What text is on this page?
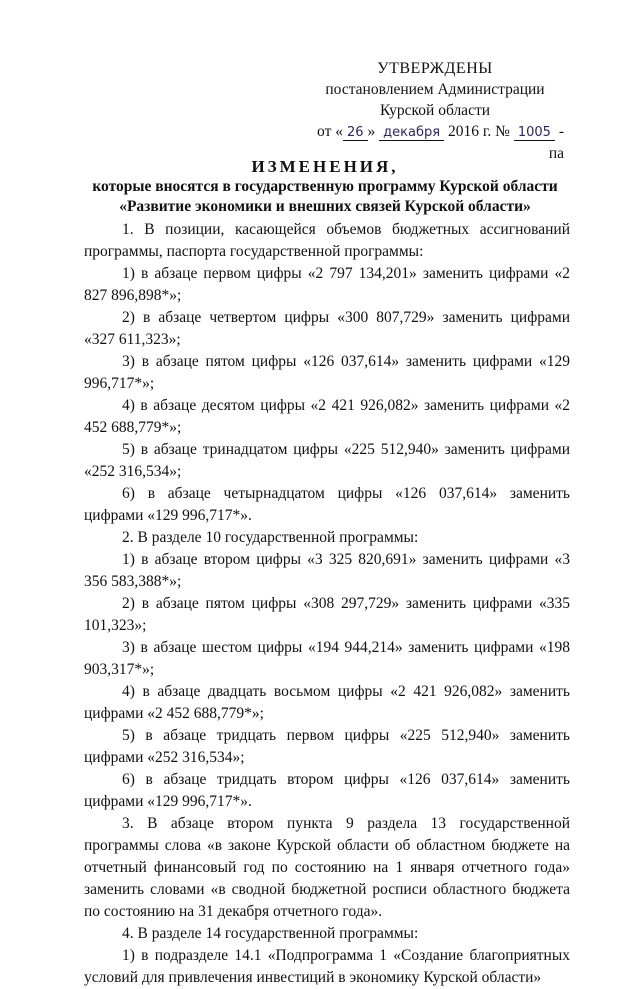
УТВЕРЖДЕНЫ
постановлением Администрации
Курской области
от « 26 » декабря 2016 г. № 1005 - па
ИЗМЕНЕНИЯ,
которые вносятся в государственную программу Курской области
«Развитие экономики и внешних связей Курской области»

1. В позиции, касающейся объемов бюджетных ассигнований программы, паспорта государственной программы:

1) в абзаце первом цифры «2 797 134,201» заменить цифрами «2 827 896,898*»;

2) в абзаце четвертом цифры «300 807,729» заменить цифрами «327 611,323»;

3) в абзаце пятом цифры «126 037,614» заменить цифрами «129 996,717*»;

4) в абзаце десятом цифры «2 421 926,082» заменить цифрами «2 452 688,779*»;

5) в абзаце тринадцатом цифры «225 512,940» заменить цифрами «252 316,534»;

6) в абзаце четырнадцатом цифры «126 037,614» заменить цифрами «129 996,717*».

2. В разделе 10 государственной программы:

1) в абзаце втором цифры «3 325 820,691» заменить цифрами «3 356 583,388*»;

2) в абзаце пятом цифры «308 297,729» заменить цифрами «335 101,323»;

3) в абзаце шестом цифры «194 944,214» заменить цифрами «198 903,317*»;

4) в абзаце двадцать восьмом цифры «2 421 926,082» заменить цифрами «2 452 688,779*»;

5) в абзаце тридцать первом цифры «225 512,940» заменить цифрами «252 316,534»;

6) в абзаце тридцать втором цифры «126 037,614» заменить цифрами «129 996,717*».

3. В абзаце втором пункта 9 раздела 13 государственной программы слова «в законе Курской области об областном бюджете на отчетный финансовый год по состоянию на 1 января отчетного года» заменить словами «в сводной бюджетной росписи областного бюджета по состоянию на 31 декабря отчетного года».

4. В разделе 14 государственной программы:

1) в подразделе 14.1 «Подпрограмма 1 «Создание благоприятных условий для привлечения инвестиций в экономику Курской области»
